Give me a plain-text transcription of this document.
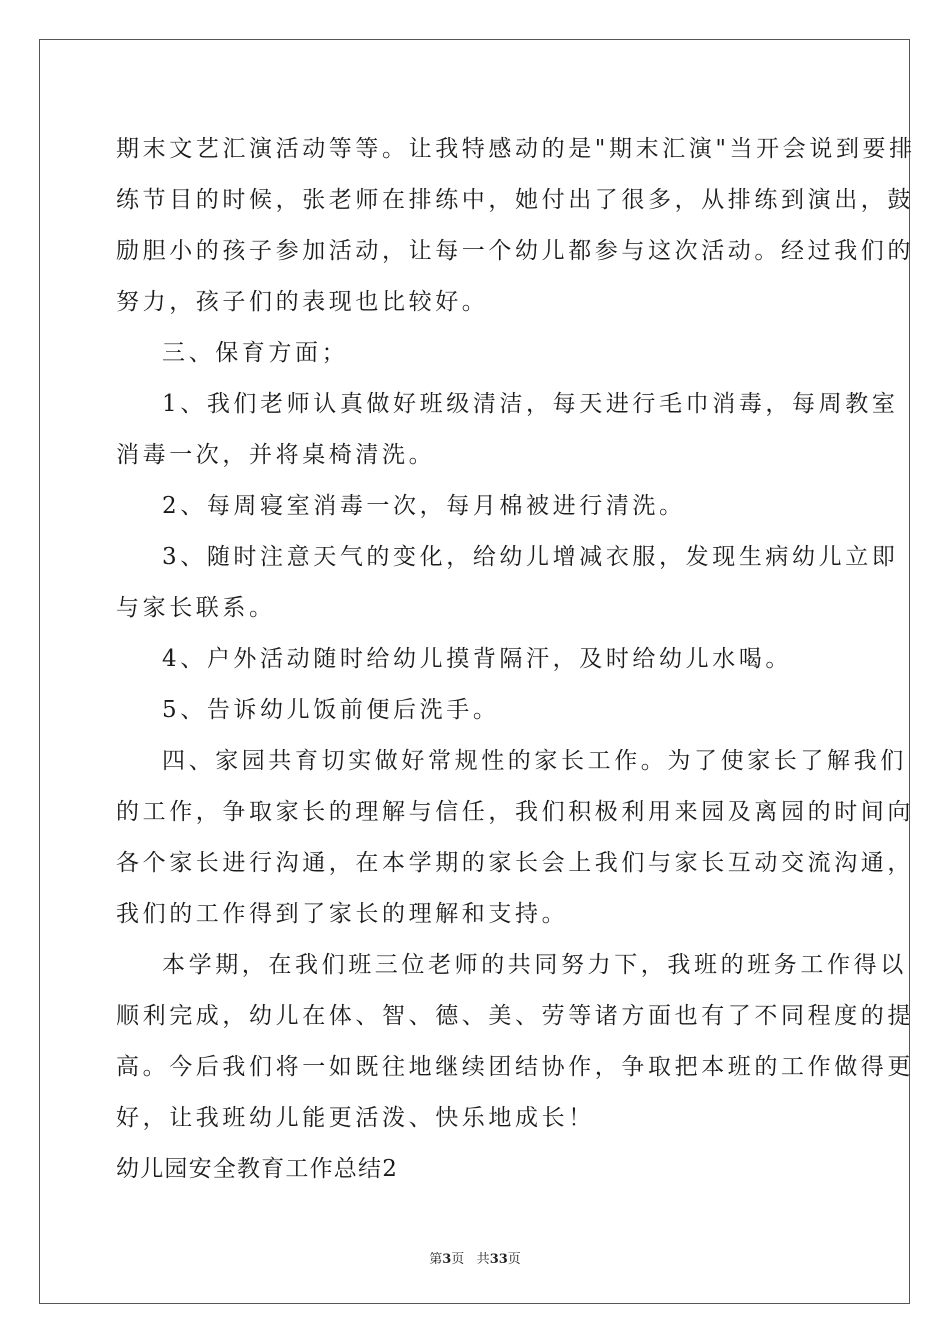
期末文艺汇演活动等等。让我特感动的是"期末汇演"当开会说到要排
练节目的时候，张老师在排练中，她付出了很多，从排练到演出，鼓
励胆小的孩子参加活动，让每一个幼儿都参与这次活动。经过我们的
努力，孩子们的表现也比较好。
三、保育方面；
1、我们老师认真做好班级清洁，每天进行毛巾消毒，每周教室
消毒一次，并将桌椅清洗。
2、每周寝室消毒一次，每月棉被进行清洗。
3、随时注意天气的变化，给幼儿增减衣服，发现生病幼儿立即
与家长联系。
4、户外活动随时给幼儿摸背隔汗，及时给幼儿水喝。
5、告诉幼儿饭前便后洗手。
四、家园共育切实做好常规性的家长工作。为了使家长了解我们
的工作，争取家长的理解与信任，我们积极利用来园及离园的时间向
各个家长进行沟通，在本学期的家长会上我们与家长互动交流沟通，
我们的工作得到了家长的理解和支持。
本学期，在我们班三位老师的共同努力下，我班的班务工作得以
顺利完成，幼儿在体、智、德、美、劳等诸方面也有了不同程度的提
高。今后我们将一如既往地继续团结协作，争取把本班的工作做得更
好，让我班幼儿能更活泼、快乐地成长！
幼儿园安全教育工作总结2
第3页 共33页
